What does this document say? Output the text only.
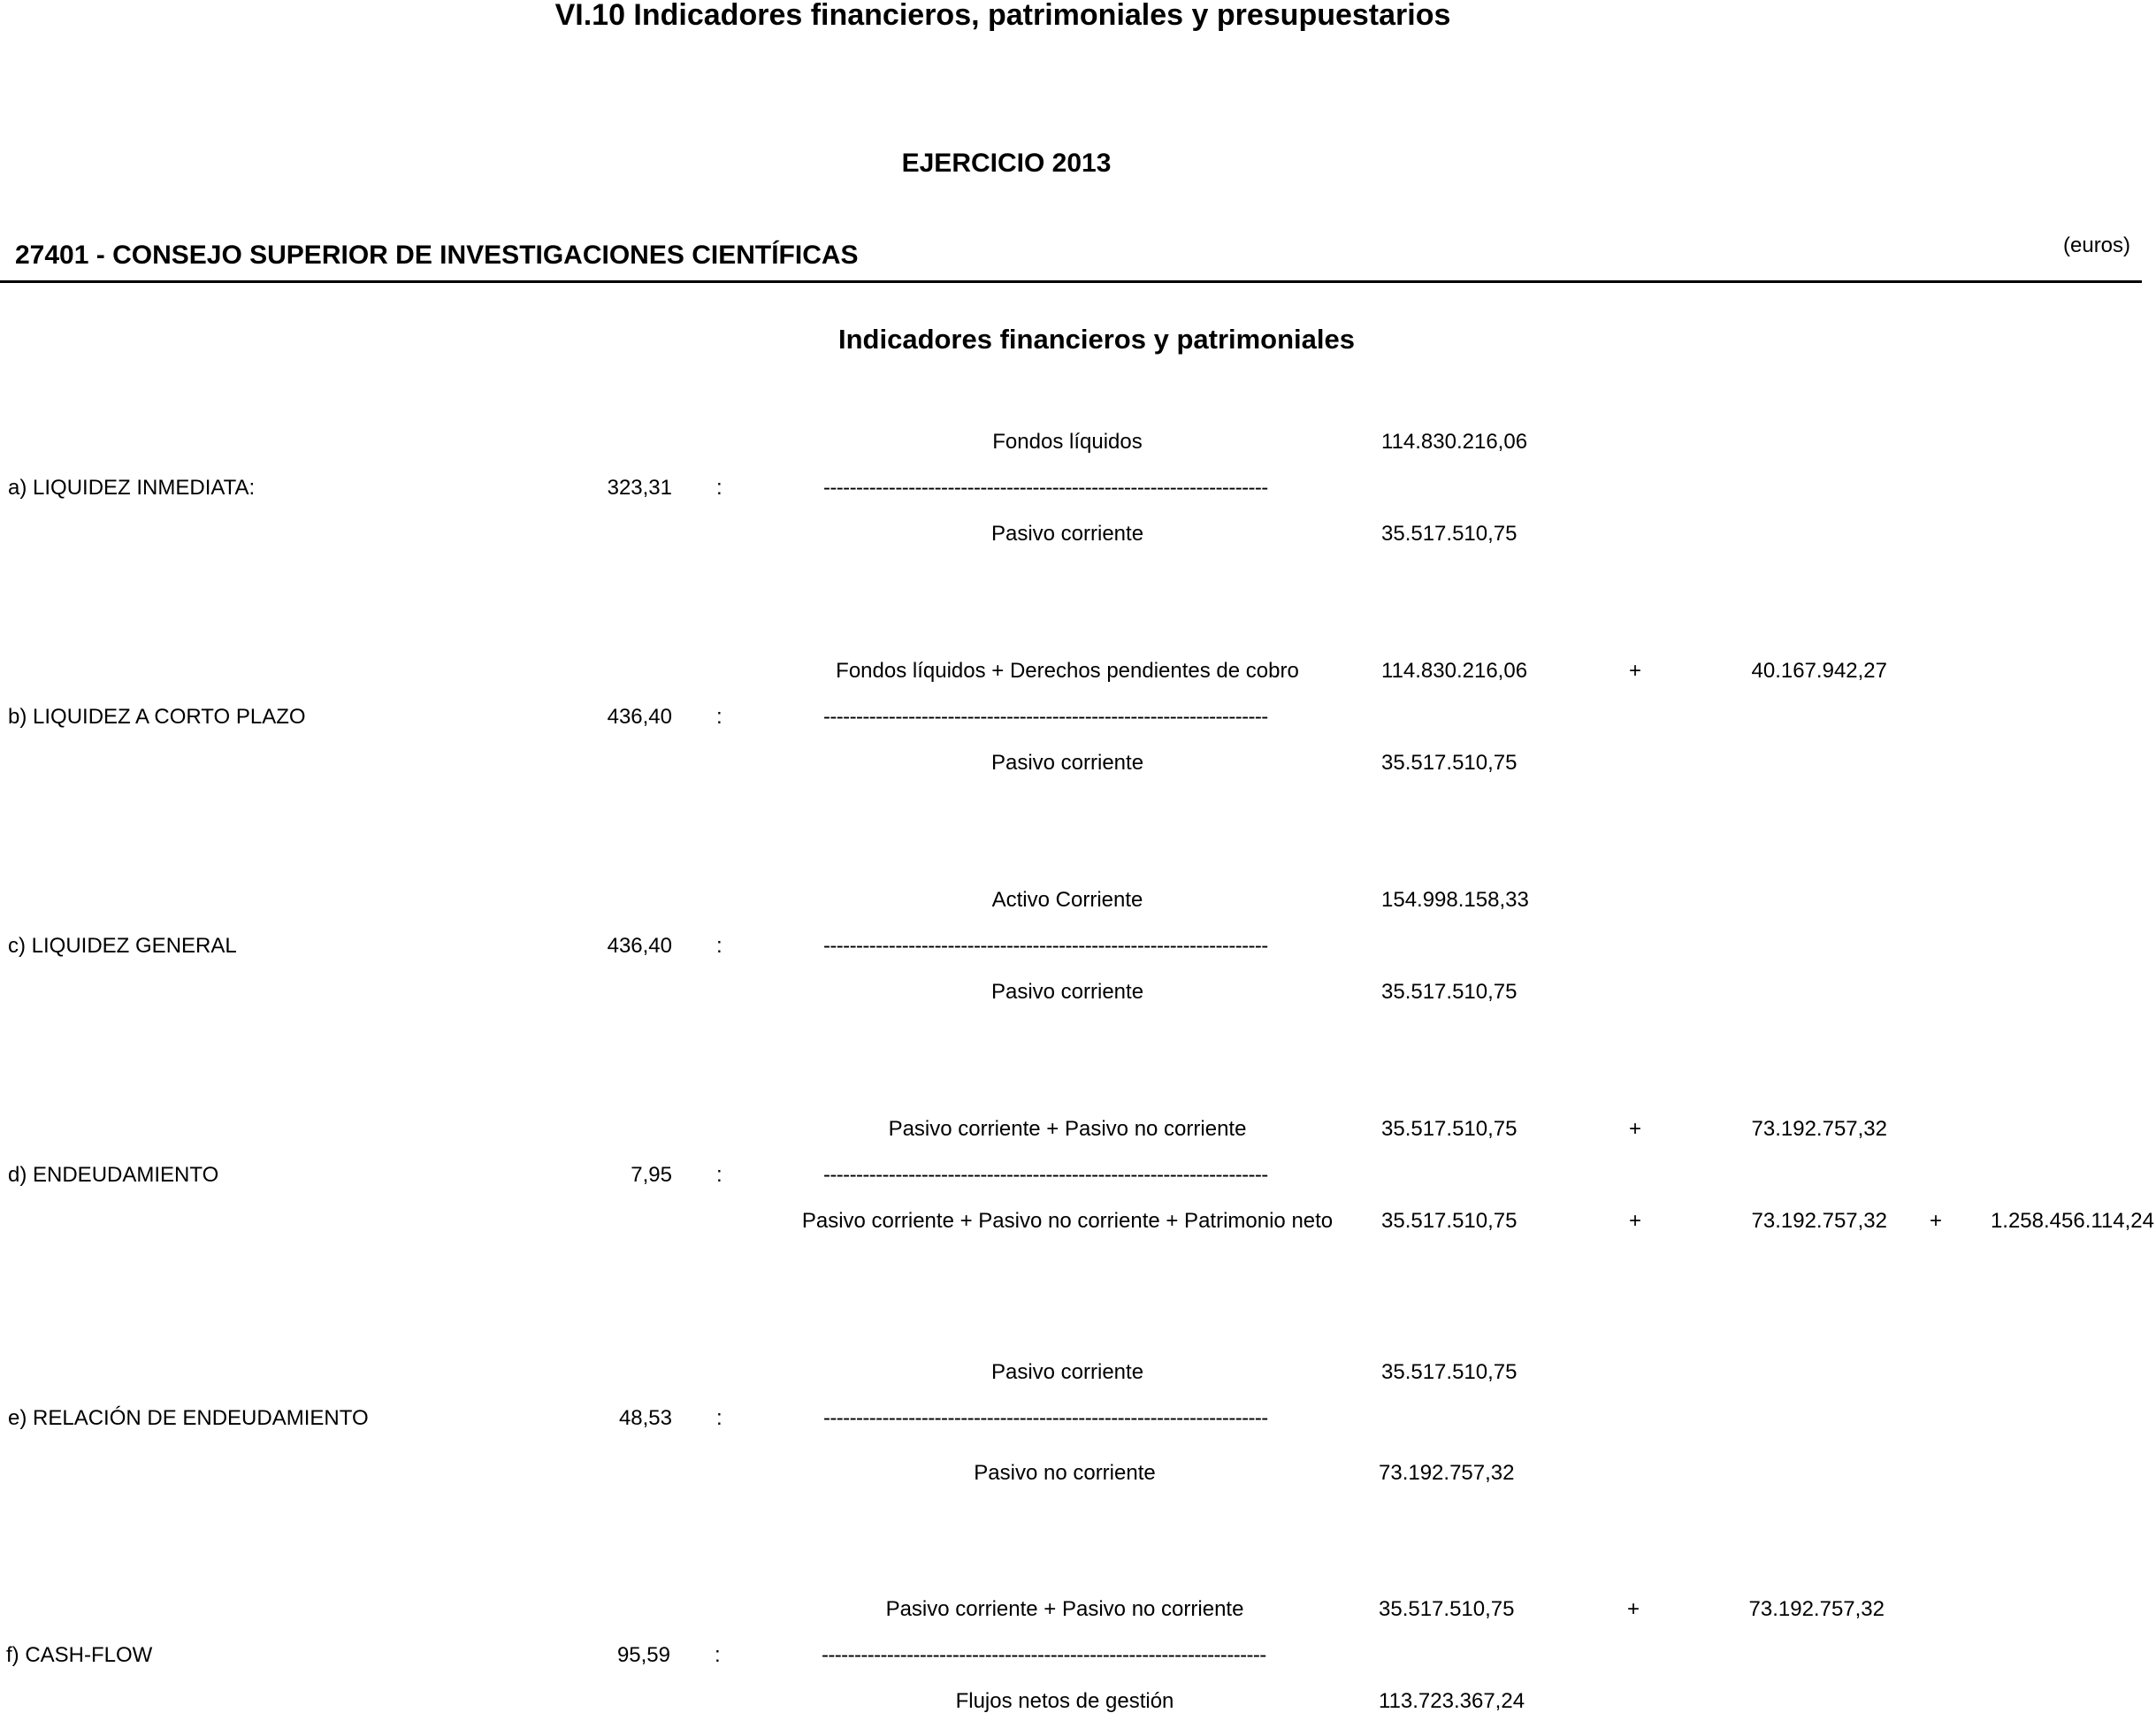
VI.10 Indicadores financieros, patrimoniales y presupuestarios
EJERCICIO 2013
27401 - CONSEJO SUPERIOR DE INVESTIGACIONES CIENTÍFICAS	(euros)
Indicadores financieros y patrimoniales
Fondos líquidos	114.830.216,06
a) LIQUIDEZ INMEDIATA:	323,31 :	--------------------------------------------------------------------
Pasivo corriente	35.517.510,75
Fondos líquidos + Derechos pendientes de cobro	114.830.216,06	+	40.167.942,27
b) LIQUIDEZ A CORTO PLAZO	436,40 :	--------------------------------------------------------------------
Pasivo corriente	35.517.510,75
Activo Corriente	154.998.158,33
c) LIQUIDEZ GENERAL	436,40 :	--------------------------------------------------------------------
Pasivo corriente	35.517.510,75
Pasivo corriente + Pasivo no corriente	35.517.510,75	+	73.192.757,32
d) ENDEUDAMIENTO	7,95 :	--------------------------------------------------------------------
Pasivo corriente + Pasivo no corriente + Patrimonio neto 35.517.510,75	+	73.192.757,32 + 1.258.456.114,24
Pasivo corriente	35.517.510,75
e) RELACIÓN DE ENDEUDAMIENTO	48,53 :	--------------------------------------------------------------------
Pasivo no corriente	73.192.757,32
Pasivo corriente + Pasivo no corriente	35.517.510,75	+	73.192.757,32
f) CASH-FLOW	95,59 :	--------------------------------------------------------------------
Flujos netos de gestión	113.723.367,24
